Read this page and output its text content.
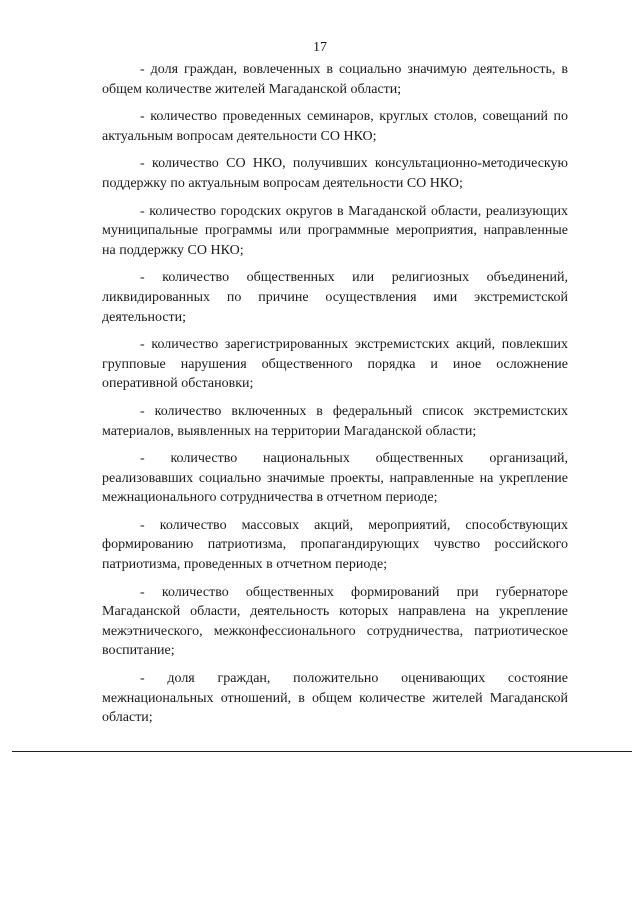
17

- доля граждан, вовлеченных в социально значимую деятельность, в общем количестве жителей Магаданской области;

- количество проведенных семинаров, круглых столов, совещаний по актуальным вопросам деятельности СО НКО;

- количество СО НКО, получивших консультационно-методическую поддержку по актуальным вопросам деятельности СО НКО;

- количество городских округов в Магаданской области, реализующих муниципальные программы или программные мероприятия, направленные на поддержку СО НКО;

- количество общественных или религиозных объединений, ликвидированных по причине осуществления ими экстремистской деятельности;

- количество зарегистрированных экстремистских акций, повлекших групповые нарушения общественного порядка и иное осложнение оперативной обстановки;

- количество включенных в федеральный список экстремистских материалов, выявленных на территории Магаданской области;

- количество национальных общественных организаций, реализовавших социально значимые проекты, направленные на укрепление межнационального сотрудничества в отчетном периоде;

- количество массовых акций, мероприятий, способствующих формированию патриотизма, пропагандирующих чувство российского патриотизма, проведенных в отчетном периоде;

- количество общественных формирований при губернаторе Магаданской области, деятельность которых направлена на укрепление межэтнического, межконфессионального сотрудничества, патриотическое воспитание;

- доля граждан, положительно оценивающих состояние межнациональных отношений, в общем количестве жителей Магаданской области;
